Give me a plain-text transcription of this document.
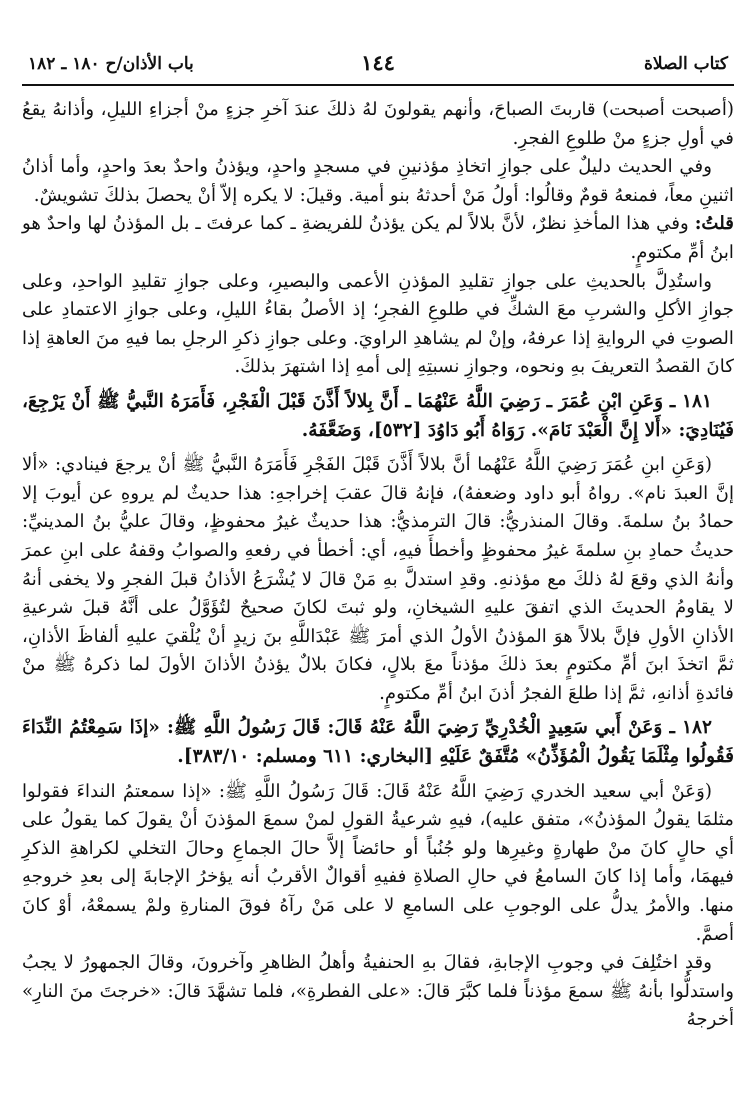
كتاب الصلاة
١٤٤
باب الأذان/ح ١٨٠ ـ ١٨٢

(أصبحت أصبحت) قاربتَ الصباحَ، وأنهم يقولونَ لهُ ذلكَ عندَ آخرِ جزءٍ منْ أجزاءِ الليلِ، وأذانهُ يقعُ في أولِ جزءٍ منْ طلوعِ الفجرِ.

وفي الحديث دليلٌ على جوازِ اتخاذِ مؤذنينِ في مسجدٍ واحدٍ، ويؤذنُ واحدٌ بعدَ واحدٍ، وأما أذانُ اثنينِ معاً، فمنعهُ قومٌ وقالُوا: أولُ مَنْ أحدثهُ بنو أمية. وقيلَ: لا يكره إلاّ أنْ يحصلَ بذلكَ تشويشٌ.

قلتُ: وفي هذا المأخذِ نظرٌ، لأنَّ بلالاً لم يكن يؤذنُ للفريضةِ ـ كما عرفتَ ـ بل المؤذنُ لها واحدٌ هو ابنُ أمِّ مكتومٍ.

واستُدِلَّ بالحديثِ على جوازِ تقليدِ المؤذنِ الأعمى والبصيرِ، وعلى جوازِ تقليدِ الواحدِ، وعلى جوازِ الأكلِ والشربِ معَ الشكِّ في طلوعِ الفجرِ؛ إذ الأصلُ بقاءُ الليلِ، وعلى جوازِ الاعتمادِ على الصوتِ في الروايةِ إذا عرفهُ، وإنْ لم يشاهدِ الراويَ. وعلى جوازِ ذكرِ الرجلِ بما فيهِ منَ العاهةِ إذا كانَ القصدُ التعريفَ بهِ ونحوه، وجوازِ نسبتِهِ إلى أمهِ إذا اشتهرَ بذلكَ.

١٨١ ـ وَعَنِ ابْنِ عُمَرَ ـ رَضِيَ اللَّهُ عَنْهُمَا ـ أَنَّ بِلالاً أَذَّنَ قَبْلَ الْفَجْرِ، فَأَمَرَهُ النَّبيُّ ﷺ أَنْ يَرْجِعَ، فَيُنَادِيَ: «أَلا إِنَّ الْعَبْدَ نَامَ». رَوَاهُ أَبُو دَاوُدَ [٥٣٢]، وَضَعَّفَهُ.

(وَعَنِ ابنِ عُمَرَ رَضِيَ اللَّهُ عَنْهُما أنَّ بلالاً أَذَّنَ قَبْلَ الفَجْرِ فَأَمَرَهُ النَّبيُّ ﷺ أنْ يرجعَ فينادي: «ألا إنَّ العبدَ نام». رواهُ أبو داود وضعفهُ)، فإنهُ قالَ عقبَ إخراجهِ: هذا حديثٌ لم يروهِ عن أيوبَ إلا حمادُ بنُ سلمةَ. وقالَ المنذريُّ: قالَ الترمذيُّ: هذا حديثٌ غيرُ محفوظٍ، وقالَ عليُّ بنُ المدينيِّ: حديثُ حمادِ بنِ سلمةَ غيرُ محفوظٍ وأخطأَ فيهِ، أي: أخطأ في رفعهِ والصوابُ وقفهُ على ابنِ عمرَ وأنهُ الذي وقعَ لهُ ذلكَ مع مؤذنهِ. وقدِ استدلَّ بهِ مَنْ قالَ لا يُشْرَعُ الأذانُ قبلَ الفجرِ ولا يخفى أنهُ لا يقاومُ الحديثَ الذي اتفقَ عليهِ الشيخانِ، ولو ثبتَ لكانَ صحيحٌ لتُؤَوَّلُ على أنَّهُ قبلَ شرعيةِ الأذانِ الأولِ فإنَّ بلالاً هوَ المؤذنُ الأولُ الذي أمرَ ﷺ عَبْدَاللَّهِ بنَ زيدٍ أنْ يُلْقيَ عليهِ ألفاظَ الأذانِ، ثمَّ اتخذَ ابنَ أمِّ مكتومٍ بعدَ ذلكَ مؤذناً معَ بلالٍ، فكانَ بلالٌ يؤذنُ الأذانَ الأولَ لما ذكرهُ ﷺ منْ فائدةِ أذانهِ، ثمَّ إذا طلعَ الفجرُ أذنَ ابنُ أمِّ مكتومٍ.

١٨٢ ـ وَعَنْ أَبي سَعِيدٍ الْخُدْرِيِّ رَضِيَ اللَّهُ عَنْهُ قَالَ: قَالَ رَسُولُ اللَّهِ ﷺ: «إذَا سَمِعْتُمُ النِّدَاءَ فَقُولُوا مِثْلَمَا يَقُولُ الْمُؤَذِّنُ» مُتَّفَقٌ عَلَيْهِ [البخاري: ٦١١ ومسلم: ٣٨٣/١٠].

(وَعَنْ أبي سعيد الخدري رَضِيَ اللَّهُ عَنْهُ قَالَ: قَالَ رَسُولُ اللَّهِ ﷺ: «إذا سمعتمُ النداءَ فقولوا مثلمَا يقولُ المؤذنُ»، متفق عليه)، فيهِ شرعيةُ القولِ لمنْ سمعَ المؤذنَ أنْ يقولَ كما يقولُ على أي حالٍ كانَ منْ طهارةٍ وغيرِها ولو جُنُباً أو حائضاً إلاَّ حالَ الجماعِ وحالَ التخلي لكراهةِ الذكرِ فيهمَا، وأما إذا كانَ السامعُ في حالِ الصلاةِ ففيهِ أقوالٌ الأقربُ أنه يؤخرُ الإجابةَ إلى بعدِ خروجهِ منها. والأمرُ يدلُّ على الوجوبِ على السامعِ لا على مَنْ رآهُ فوقَ المنارةِ ولمْ يسمعْهُ، أوْ كانَ أصمَّ.

وقدِ اختُلِفَ في وجوبِ الإجابةِ، فقالَ بهِ الحنفيةُ وأهلُ الظاهرِ وآخرونَ، وقالَ الجمهورُ لا يجبُ واستدلُّوا بأنهُ ﷺ سمعَ مؤذناً فلما كبَّرَ قالَ: «على الفطرةِ»، فلما تشهَّدَ قالَ: «خرجتَ منَ النارِ» أخرجهُ
